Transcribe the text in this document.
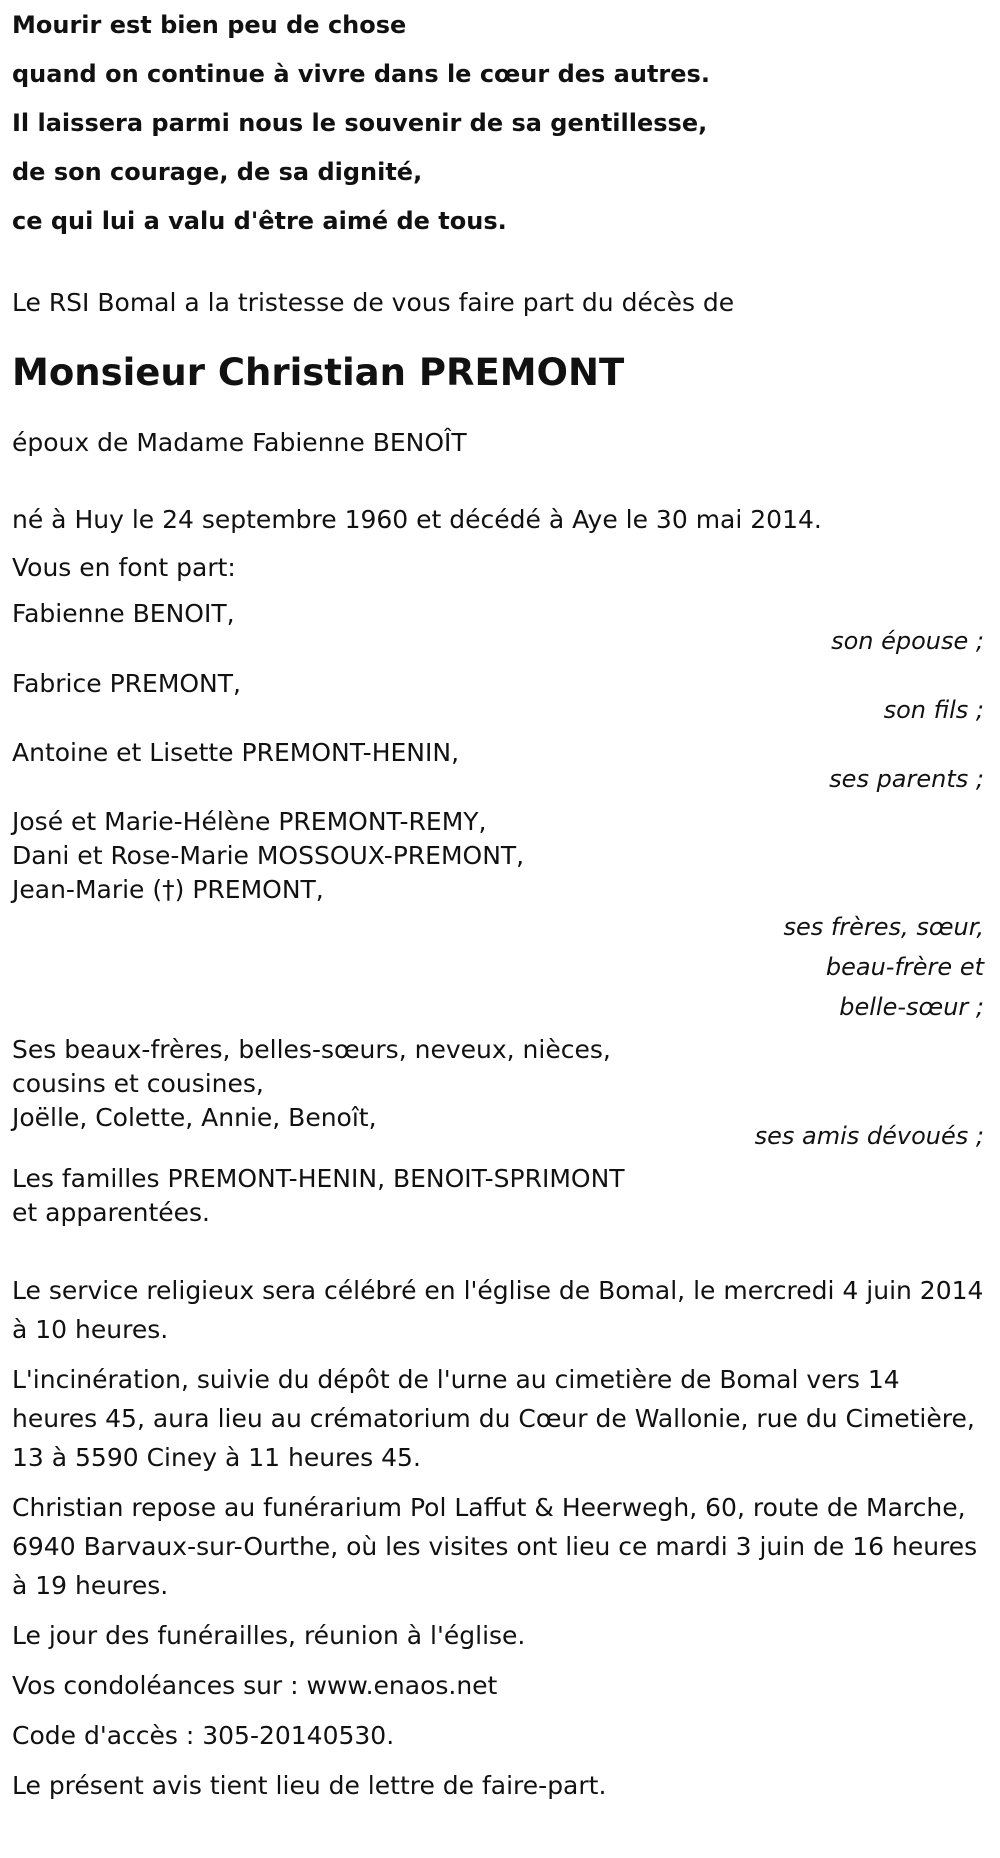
Mourir est bien peu de chose

quand on continue à vivre dans le cœur des autres.

Il laissera parmi nous le souvenir de sa gentillesse,

de son courage, de sa dignité,

ce qui lui a valu d'être aimé de tous.

Le RSI Bomal a la tristesse de vous faire part du décès de

Monsieur Christian PREMONT

époux de Madame Fabienne BENOÎT

né à Huy le 24 septembre 1960 et décédé à Aye le 30 mai 2014.

Vous en font part:

Fabienne BENOIT,
son épouse ;
Fabrice PREMONT,
son fils ;
Antoine et Lisette PREMONT-HENIN,
ses parents ;
José et Marie-Hélène PREMONT-REMY,
Dani et Rose-Marie MOSSOUX-PREMONT,
Jean-Marie (†) PREMONT,
ses frères, sœur,
beau-frère et
belle-sœur ;
Ses beaux-frères, belles-sœurs, neveux, nièces,
cousins et cousines,
Joëlle, Colette, Annie, Benoît,
ses amis dévoués ;
Les familles PREMONT-HENIN, BENOIT-SPRIMONT
et apparentées.

Le service religieux sera célébré en l'église de Bomal, le mercredi 4 juin 2014 à 10 heures.

L'incinération, suivie du dépôt de l'urne au cimetière de Bomal vers 14 heures 45, aura lieu au crématorium du Cœur de Wallonie, rue du Cimetière, 13 à 5590 Ciney à 11 heures 45.

Christian repose au funérarium Pol Laffut & Heerwegh, 60, route de Marche, 6940 Barvaux-sur-Ourthe, où les visites ont lieu ce mardi 3 juin de 16 heures à 19 heures.

Le jour des funérailles, réunion à l'église.

Vos condoléances sur : www.enaos.net

Code d'accès : 305-20140530.

Le présent avis tient lieu de lettre de faire-part.
